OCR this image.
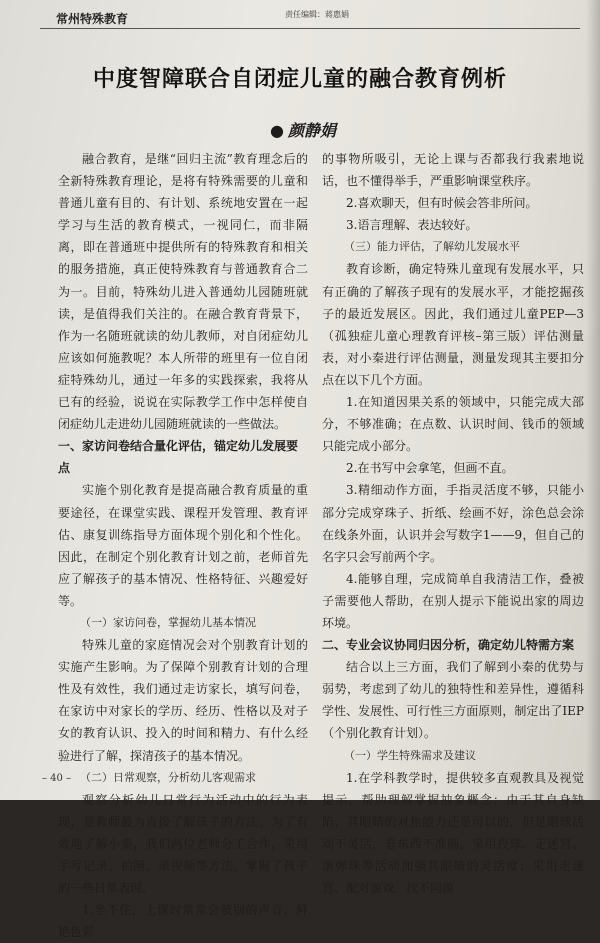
常州特殊教育	责任编辑：蒋惠娟
中度智障联合自闭症儿童的融合教育例析
● 颜静娟

融合教育，是继“回归主流”教育理念后的全新特殊教育理论，是将有特殊需要的儿童和普通儿童有目的、有计划、系统地安置在一起学习与生活的教育模式，一视同仁，而非隔离，即在普通班中提供所有的特殊教育和相关的服务措施，真正使特殊教育与普通教育合二为一。目前，特殊幼儿进入普通幼儿园随班就读，是值得我们关注的。在融合教育背景下，作为一名随班就读的幼儿教师，对自闭症幼儿应该如何施教呢？本人所带的班里有一位自闭症特殊幼儿，通过一年多的实践探索，我将从已有的经验，说说在实际教学工作中怎样使自闭症幼儿走进幼儿园随班就读的一些做法。

一、家访问卷结合量化评估，锚定幼儿发展要点

实施个别化教育是提高融合教育质量的重要途径，在课堂实践、课程开发管理、教育评估、康复训练指导方面体现个别化和个性化。因此，在制定个别化教育计划之前，老师首先应了解孩子的基本情况、性格特征、兴趣爱好等。

（一）家访问卷，掌握幼儿基本情况

特殊儿童的家庭情况会对个别教育计划的实施产生影响。为了保障个别教育计划的合理性及有效性，我们通过走访家长，填写问卷，在家访中对家长的学历、经历、性格以及对子女的教育认识、投入的时间和精力、有什么经验进行了解，探清孩子的基本情况。

（二）日常观察，分析幼儿客观需求

观察分析幼儿日常行为活动中的行为表现，是教师最为直接了解孩子的方法。为了有效地了解小秦，我们两位老师分工合作，采用手写记录、拍照、录视频等方法，掌握了孩子的一些日常表现。

1.坐不住，上课时常常会被别的声音、鲜艳色彩

的事物所吸引，无论上课与否都我行我素地说话，也不懂得举手，严重影响课堂秩序。

2.喜欢聊天，但有时候会答非所问。

3.语言理解、表达较好。

（三）能力评估，了解幼儿发展水平

教育诊断，确定特殊儿童现有发展水平，只有正确的了解孩子现有的发展水平，才能挖掘孩子的最近发展区。因此，我们通过儿童PEP—3（孤独症儿童心理教育评核–第三版）评估测量表，对小秦进行评估测量，测量发现其主要扣分点在以下几个方面。

1.在知道因果关系的领域中，只能完成大部分，不够准确；在点数、认识时间、钱币的领域只能完成小部分。

2.在书写中会拿笔，但画不直。

3.精细动作方面，手指灵活度不够，只能小部分完成穿珠子、折纸、绘画不好，涂色总会涂在线条外面，认识并会写数字1——9，但自己的名字只会写前两个字。

4.能够自理，完成简单自我清洁工作，叠被子需要他人帮助，在别人提示下能说出家的周边环境。

二、专业会议协同归因分析，确定幼儿特需方案

结合以上三方面，我们了解到小秦的优势与弱势，考虑到了幼儿的独特性和差异性，遵循科学性、发展性、可行性三方面原则，制定出了IEP（个别化教育计划）。

（一）学生特殊需求及建议

1.在学科教学时，提供较多直观教具及视觉提示，帮助理解掌握抽象概念；由于其自身缺陷，其眼睛的对焦能力还是可以的，但是眼球活动不灵活，看东西不准确，采用投球、走迷宫、滚弹珠等活动加强其眼睛的灵活度；采用走迷宫、配对游戏、找不同游

– 40 –
